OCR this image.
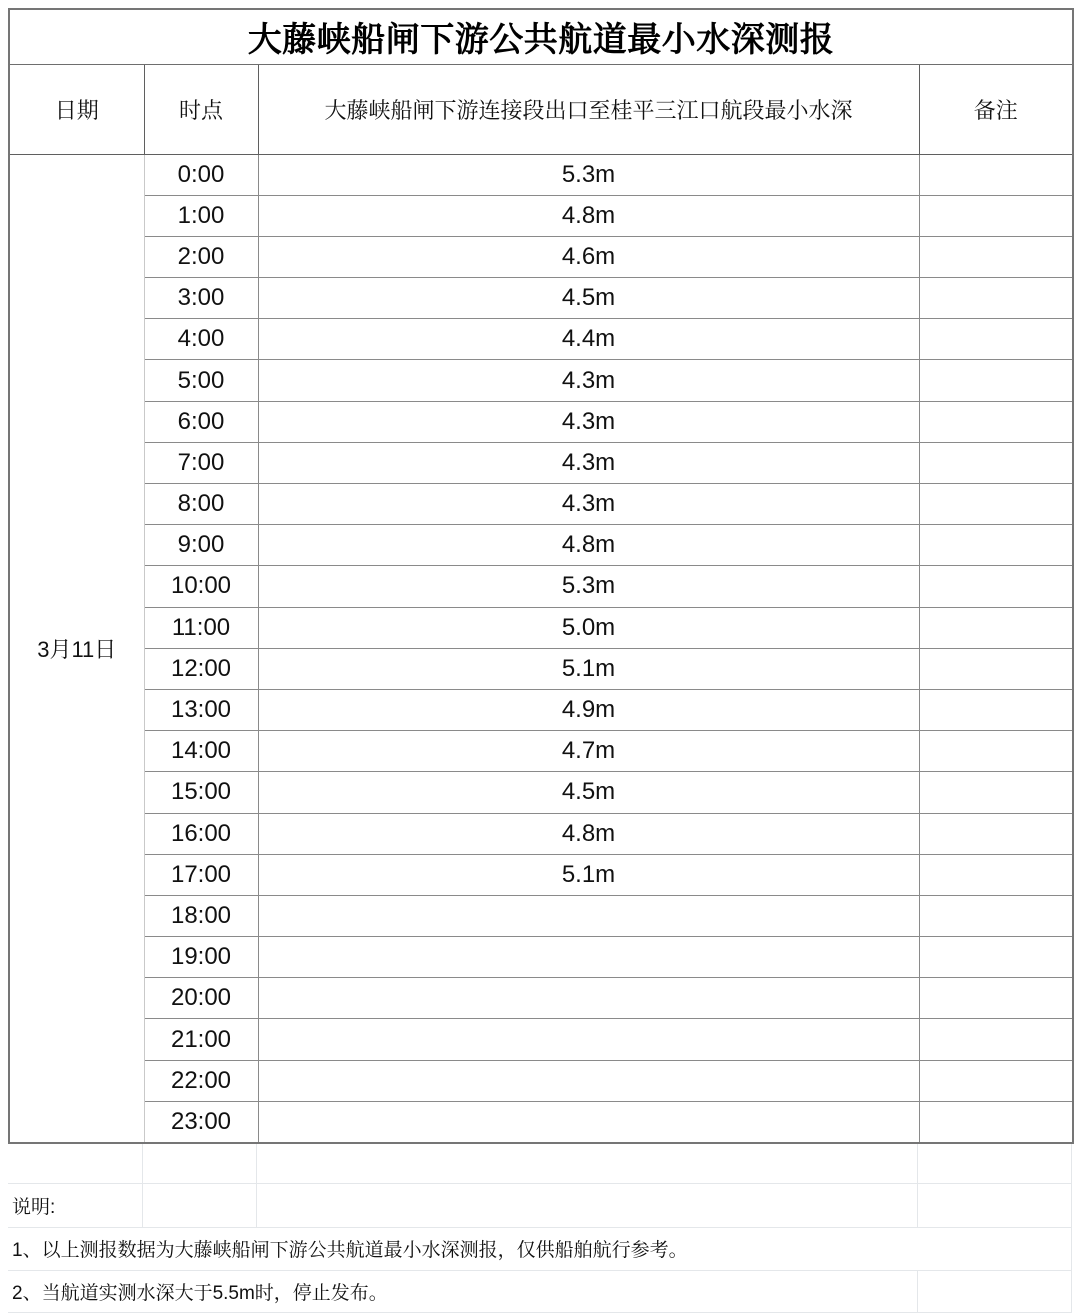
大藤峡船闸下游公共航道最小水深测报			
日期	时点	大藤峡船闸下游连接段出口至桂平三江口航段最小水深	备注
3月11日	0:00	5.3m	
	1:00	4.8m	
	2:00	4.6m	
	3:00	4.5m	
	4:00	4.4m	
	5:00	4.3m	
	6:00	4.3m	
	7:00	4.3m	
	8:00	4.3m	
	9:00	4.8m	
	10:00	5.3m	
	11:00	5.0m	
	12:00	5.1m	
	13:00	4.9m	
	14:00	4.7m	
	15:00	4.5m	
	16:00	4.8m	
	17:00	5.1m	
	18:00		
	19:00		
	20:00		
	21:00		
	22:00		
	23:00		
说明:
1、以上测报数据为大藤峡船闸下游公共航道最小水深测报，仅供船舶航行参考。
2、当航道实测水深大于5.5m时，停止发布。
